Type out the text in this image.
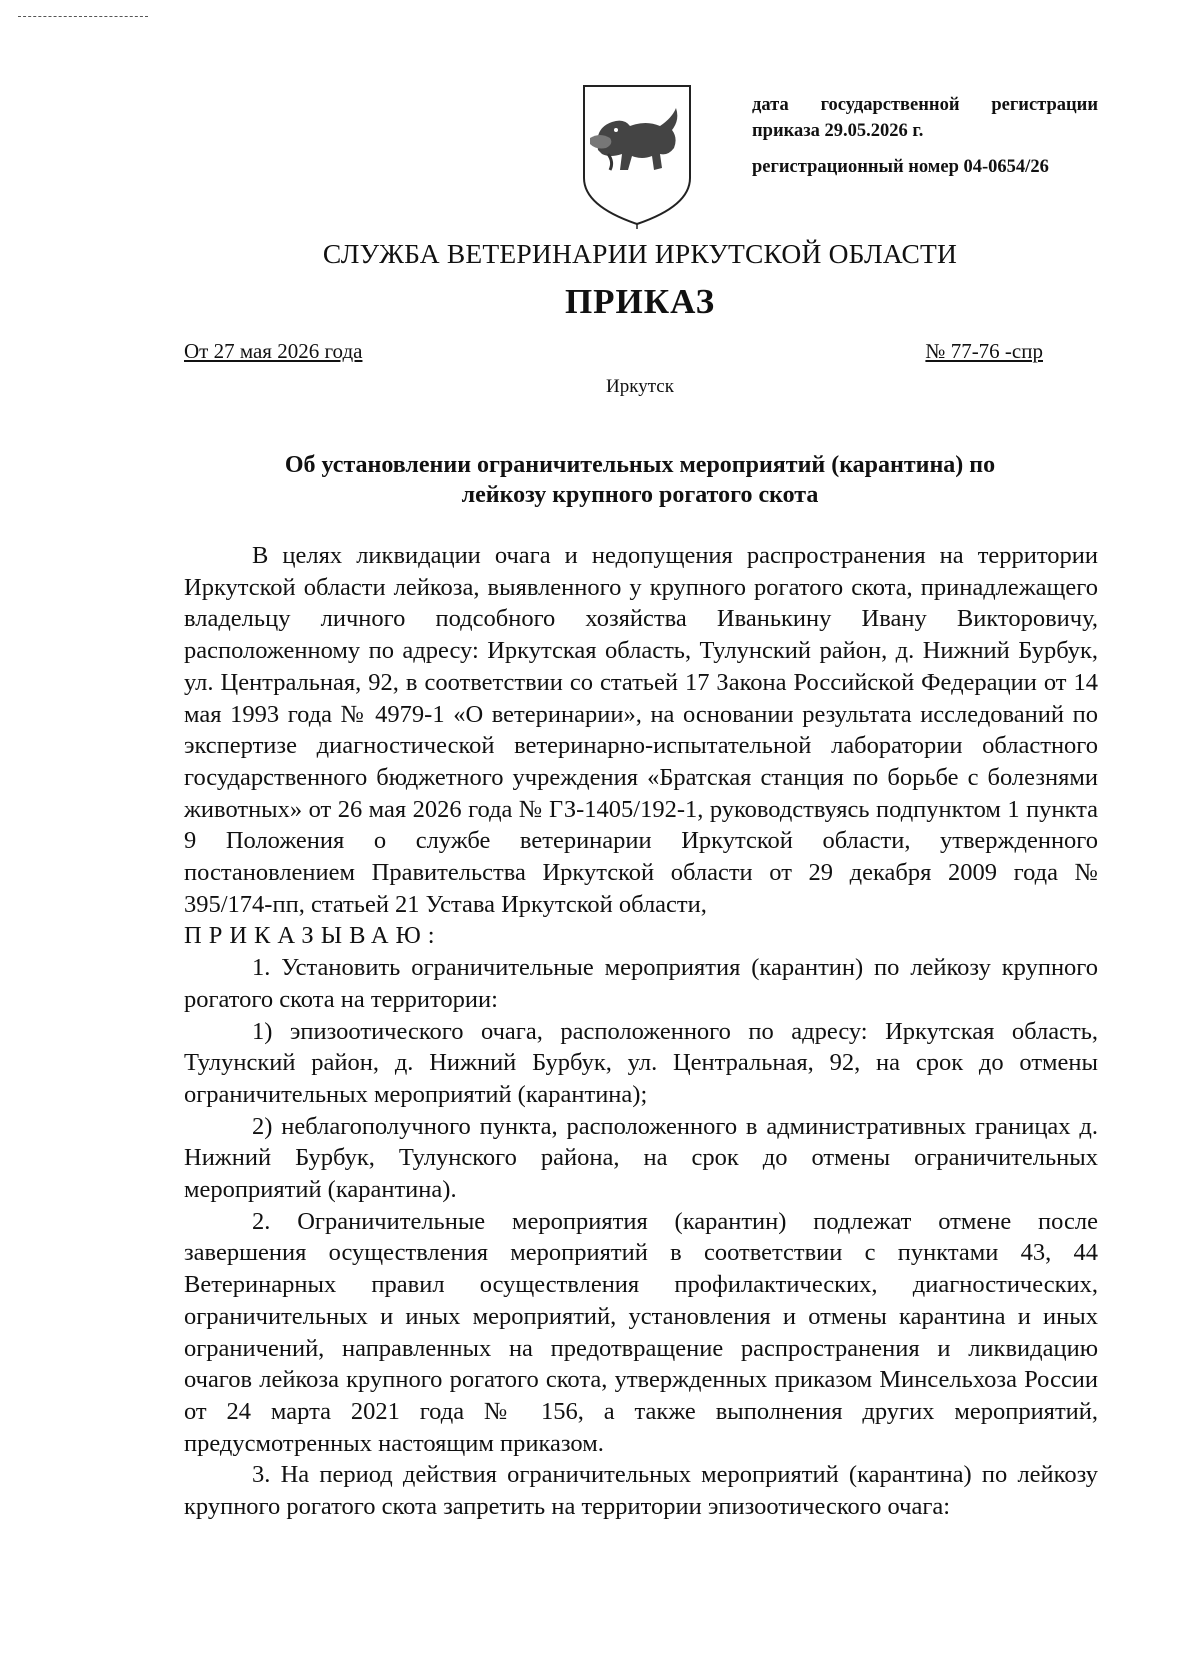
дата государственной регистрации
приказа 29.05.2026 г.
регистрационный номер 04-0654/26
СЛУЖБА ВЕТЕРИНАРИИ ИРКУТСКОЙ ОБЛАСТИ
ПРИКАЗ
От 27 мая 2026 года	№ 77-76 -спр
Иркутск
Об установлении ограничительных мероприятий (карантина) по
лейкозу крупного рогатого скота

В целях ликвидации очага и недопущения распространения на территории Иркутской области лейкоза, выявленного у крупного рогатого скота, принадлежащего владельцу личного подсобного хозяйства Иванькину Ивану Викторовичу, расположенному по адресу: Иркутская область, Тулунский район, д. Нижний Бурбук, ул. Центральная, 92, в соответствии со статьей 17 Закона Российской Федерации от 14 мая 1993 года № 4979-1 «О ветеринарии», на основании результата исследований по экспертизе диагностической ветеринарно-испытательной лаборатории областного государственного бюджетного учреждения «Братская станция по борьбе с болезнями животных» от 26 мая 2026 года № ГЗ-1405/192-1, руководствуясь подпунктом 1 пункта 9 Положения о службе ветеринарии Иркутской области, утвержденного постановлением Правительства Иркутской области от 29 декабря 2009 года № 395/174-пп, статьей 21 Устава Иркутской области,

ПРИКАЗЫВАЮ:

1. Установить ограничительные мероприятия (карантин) по лейкозу крупного рогатого скота на территории:

1) эпизоотического очага, расположенного по адресу: Иркутская область, Тулунский район, д. Нижний Бурбук, ул. Центральная, 92, на срок до отмены ограничительных мероприятий (карантина);

2) неблагополучного пункта, расположенного в административных границах д. Нижний Бурбук, Тулунского района, на срок до отмены ограничительных мероприятий (карантина).

2. Ограничительные мероприятия (карантин) подлежат отмене после завершения осуществления мероприятий в соответствии с пунктами 43, 44 Ветеринарных правил осуществления профилактических, диагностических, ограничительных и иных мероприятий, установления и отмены карантина и иных ограничений, направленных на предотвращение распространения и ликвидацию очагов лейкоза крупного рогатого скота, утвержденных приказом Минсельхоза России от 24 марта 2021 года № 156, а также выполнения других мероприятий, предусмотренных настоящим приказом.

3. На период действия ограничительных мероприятий (карантина) по лейкозу крупного рогатого скота запретить на территории эпизоотического очага:
